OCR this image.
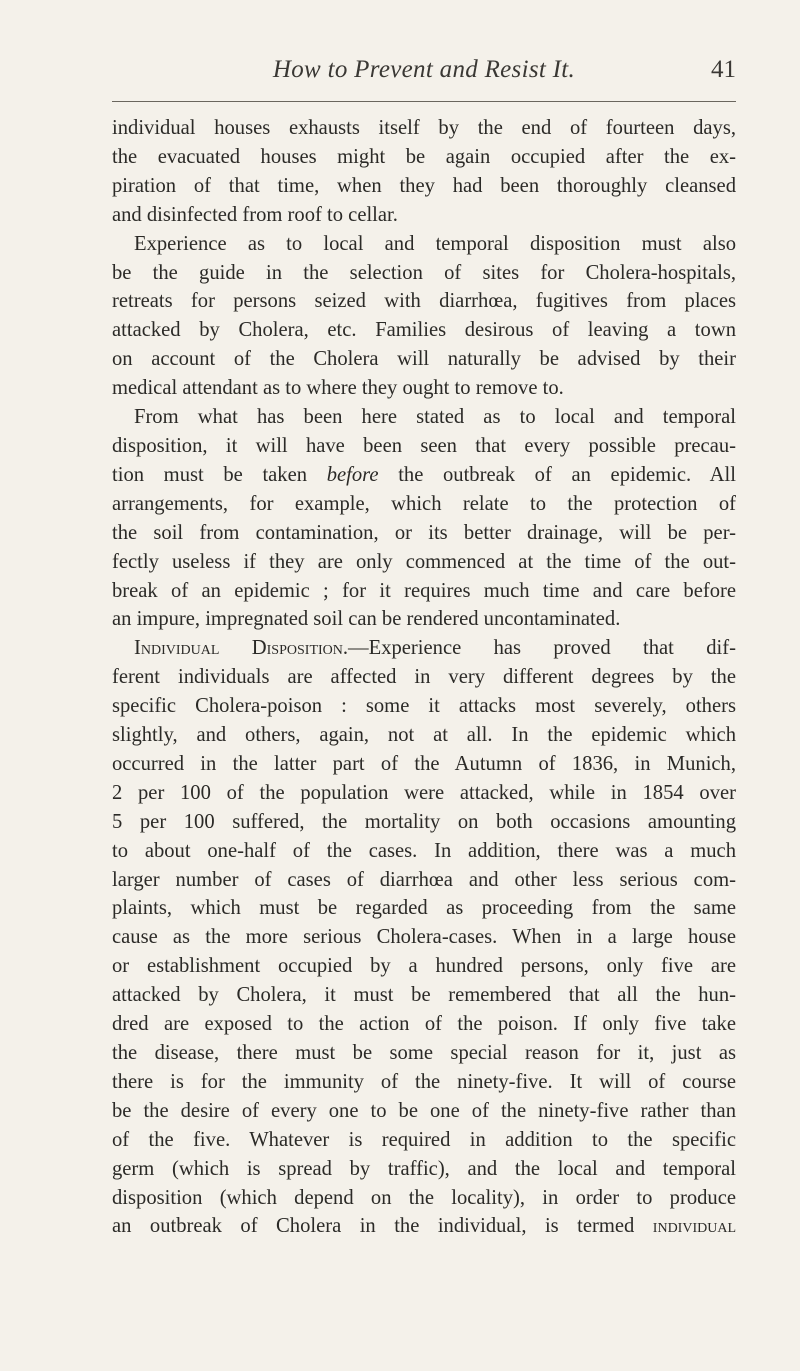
How to Prevent and Resist It.	41
individual houses exhausts itself by the end of fourteen days,
the evacuated houses might be again occupied after the ex-
piration of that time, when they had been thoroughly cleansed
and disinfected from roof to cellar.
Experience as to local and temporal disposition must also
be the guide in the selection of sites for Cholera-hospitals,
retreats for persons seized with diarrhœa, fugitives from places
attacked by Cholera, etc. Families desirous of leaving a town
on account of the Cholera will naturally be advised by their
medical attendant as to where they ought to remove to.
From what has been here stated as to local and temporal
disposition, it will have been seen that every possible precau-
tion must be taken before the outbreak of an epidemic. All
arrangements, for example, which relate to the protection of
the soil from contamination, or its better drainage, will be per-
fectly useless if they are only commenced at the time of the out-
break of an epidemic ; for it requires much time and care before
an impure, impregnated soil can be rendered uncontaminated.
Individual Disposition.—Experience has proved that dif-
ferent individuals are affected in very different degrees by the
specific Cholera-poison : some it attacks most severely, others
slightly, and others, again, not at all. In the epidemic which
occurred in the latter part of the Autumn of 1836, in Munich,
2 per 100 of the population were attacked, while in 1854 over
5 per 100 suffered, the mortality on both occasions amounting
to about one-half of the cases. In addition, there was a much
larger number of cases of diarrhœa and other less serious com-
plaints, which must be regarded as proceeding from the same
cause as the more serious Cholera-cases. When in a large house
or establishment occupied by a hundred persons, only five are
attacked by Cholera, it must be remembered that all the hun-
dred are exposed to the action of the poison. If only five take
the disease, there must be some special reason for it, just as
there is for the immunity of the ninety-five. It will of course
be the desire of every one to be one of the ninety-five rather than
of the five. Whatever is required in addition to the specific
germ (which is spread by traffic), and the local and temporal
disposition (which depend on the locality), in order to produce
an outbreak of Cholera in the individual, is termed individual
